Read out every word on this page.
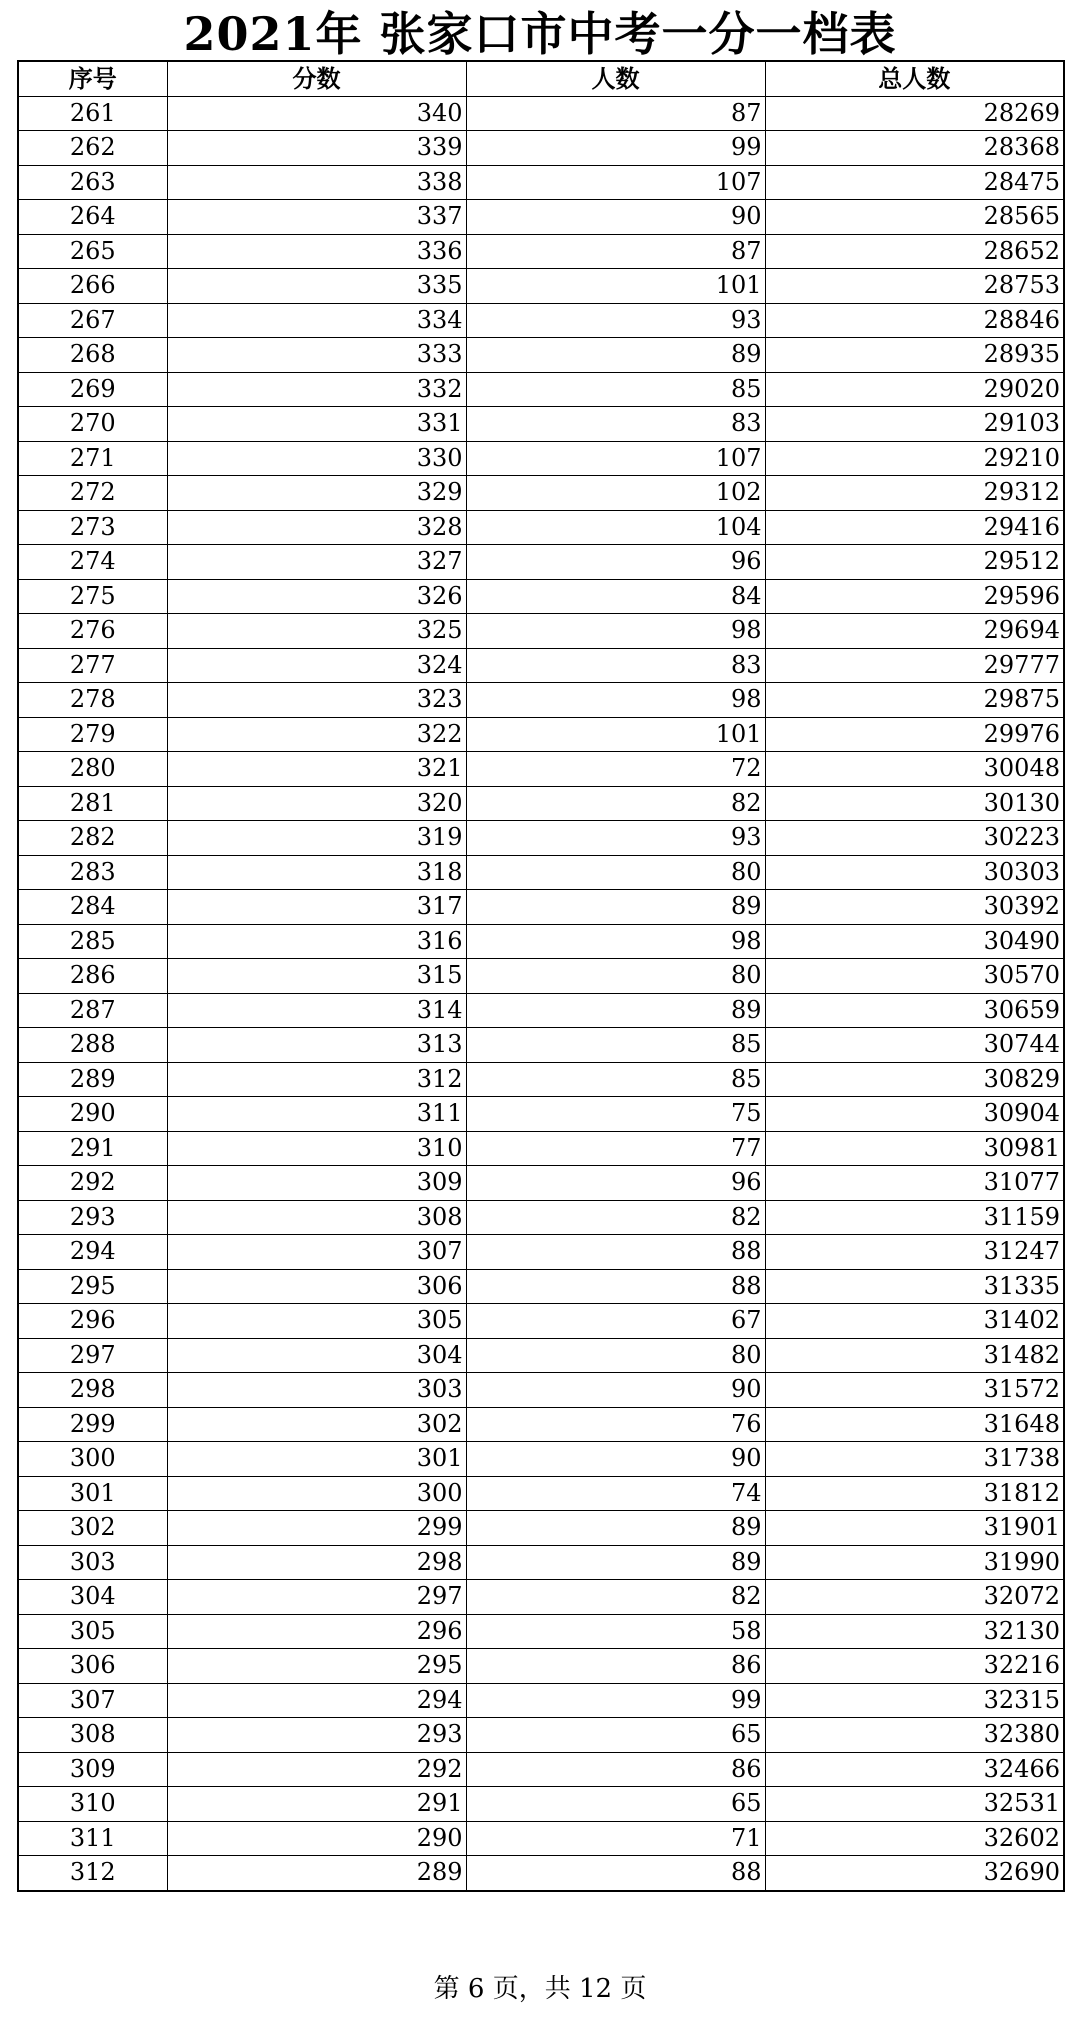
2021年 张家口市中考一分一档表
序号	分数	人数	总人数
261	340	87	28269
262	339	99	28368
263	338	107	28475
264	337	90	28565
265	336	87	28652
266	335	101	28753
267	334	93	28846
268	333	89	28935
269	332	85	29020
270	331	83	29103
271	330	107	29210
272	329	102	29312
273	328	104	29416
274	327	96	29512
275	326	84	29596
276	325	98	29694
277	324	83	29777
278	323	98	29875
279	322	101	29976
280	321	72	30048
281	320	82	30130
282	319	93	30223
283	318	80	30303
284	317	89	30392
285	316	98	30490
286	315	80	30570
287	314	89	30659
288	313	85	30744
289	312	85	30829
290	311	75	30904
291	310	77	30981
292	309	96	31077
293	308	82	31159
294	307	88	31247
295	306	88	31335
296	305	67	31402
297	304	80	31482
298	303	90	31572
299	302	76	31648
300	301	90	31738
301	300	74	31812
302	299	89	31901
303	298	89	31990
304	297	82	32072
305	296	58	32130
306	295	86	32216
307	294	99	32315
308	293	65	32380
309	292	86	32466
310	291	65	32531
311	290	71	32602
312	289	88	32690
第 6 页，共 12 页
